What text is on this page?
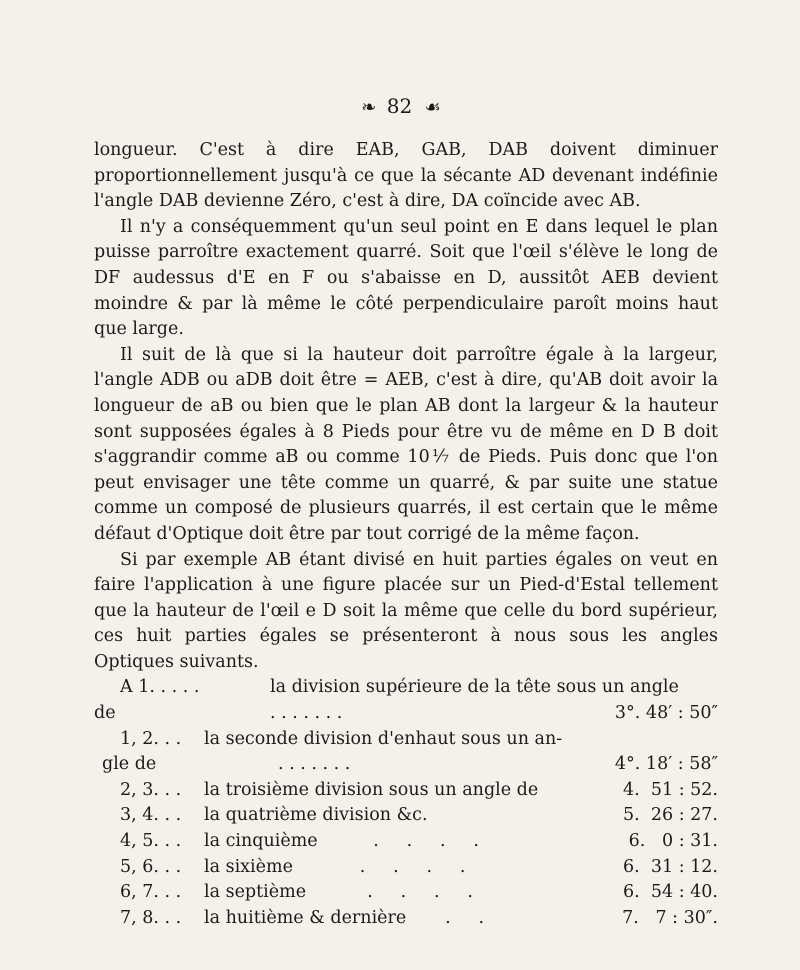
❧ 82 ☙

longueur. C'est à dire EAB, GAB, DAB doivent diminuer proportionnellement jusqu'à ce que la sécante AD devenant indéfinie l'angle DAB devienne Zéro, c'est à dire, DA coïncide avec AB.

Il n'y a conséquemment qu'un seul point en E dans lequel le plan puisse parroître exactement quarré. Soit que l'œil s'élève le long de DF audessus d'E en F ou s'abaisse en D, aussitôt AEB devient moindre & par là même le côté perpendiculaire paroît moins haut que large.

Il suit de là que si la hauteur doit parroître égale à la largeur, l'angle ADB ou aDB doit être = AEB, c'est à dire, qu'AB doit avoir la longueur de aB ou bien que le plan AB dont la largeur & la hauteur sont supposées égales à 8 Pieds pour être vu de même en D B doit s'aggrandir comme aB ou comme 10⅐ de Pieds. Puis donc que l'on peut envisager une tête comme un quarré, & par suite une statue comme un composé de plusieurs quarrés, il est certain que le même défaut d'Optique doit être par tout corrigé de la même façon.

Si par exemple AB étant divisé en huit parties égales on veut en faire l'application à une figure placée sur un Pied-d'Estal tellement que la hauteur de l'œil e D soit la même que celle du bord supérieur, ces huit parties égales se présenteront à nous sous les angles Optiques suivants.

A 1. . . . .	la division supérieure de la tête sous un angle
de	. . . . . . .	3°. 48′ : 50″
1, 2. . .	la seconde division d'enhaut sous un an-
gle de	. . . . . . .	4°. 18′ : 58″
2, 3. . .	la troisième division sous un angle de	4.  51 : 52.
3, 4. . .	la quatrième division &c.	5.  26 : 27.
4, 5. . .	la cinquième          .     .     .     .	6.   0 : 31.
5, 6. . .	la sixième            .     .     .     .	6.  31 : 12.
6, 7. . .	la septième           .     .     .     .	6.  54 : 40.
7, 8. . .	la huitième & dernière       .     .	7.   7 : 30″.
